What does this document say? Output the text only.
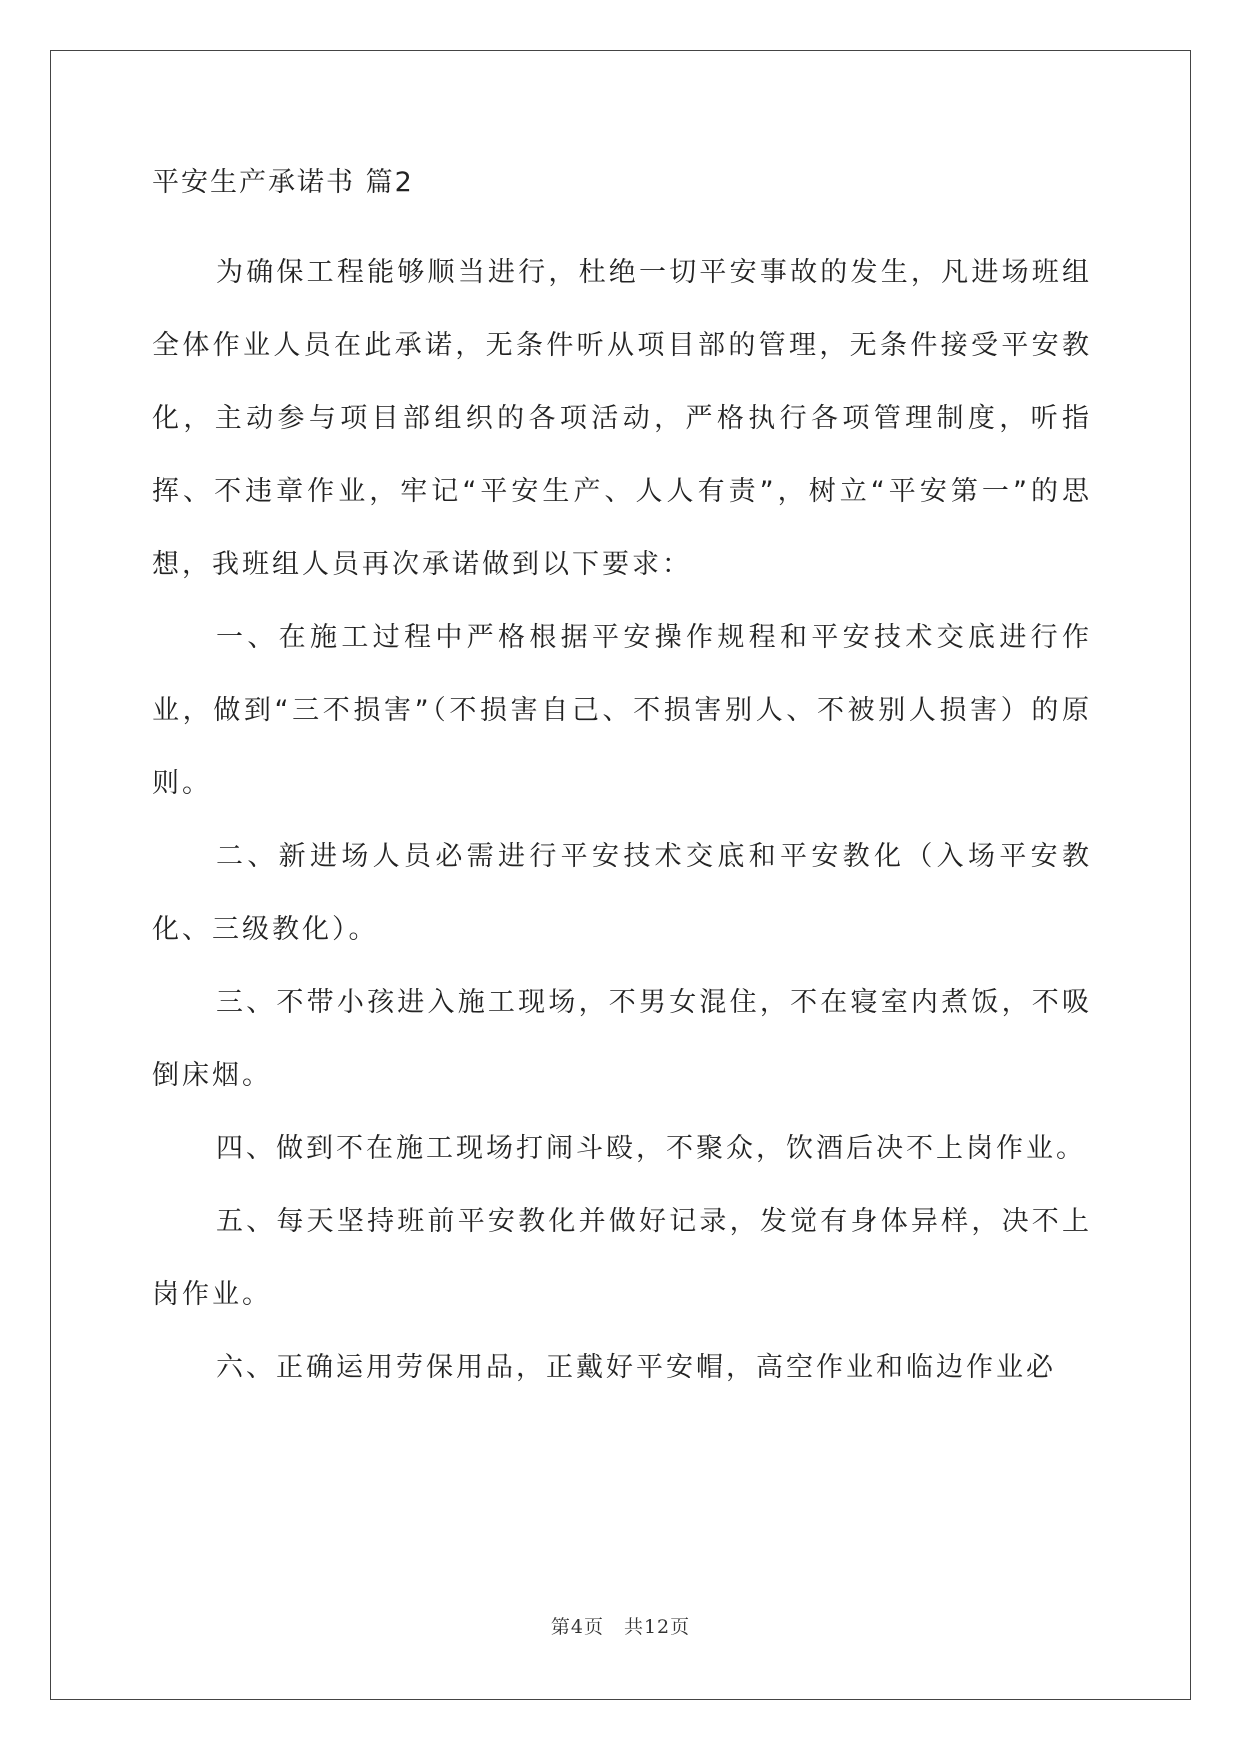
平安生产承诺书 篇2

为确保工程能够顺当进行，杜绝一切平安事故的发生，凡进场班组全体作业人员在此承诺，无条件听从项目部的管理，无条件接受平安教化，主动参与项目部组织的各项活动，严格执行各项管理制度，听指挥、不违章作业，牢记“平安生产、人人有责”，树立“平安第一”的思想，我班组人员再次承诺做到以下要求：

一、在施工过程中严格根据平安操作规程和平安技术交底进行作业，做到“三不损害”（不损害自己、不损害别人、不被别人损害）的原则。

二、新进场人员必需进行平安技术交底和平安教化（入场平安教化、三级教化）。

三、不带小孩进入施工现场，不男女混住，不在寝室内煮饭，不吸倒床烟。

四、做到不在施工现场打闹斗殴，不聚众，饮酒后决不上岗作业。

五、每天坚持班前平安教化并做好记录，发觉有身体异样，决不上岗作业。

六、正确运用劳保用品，正戴好平安帽，高空作业和临边作业必

第4页　共12页
